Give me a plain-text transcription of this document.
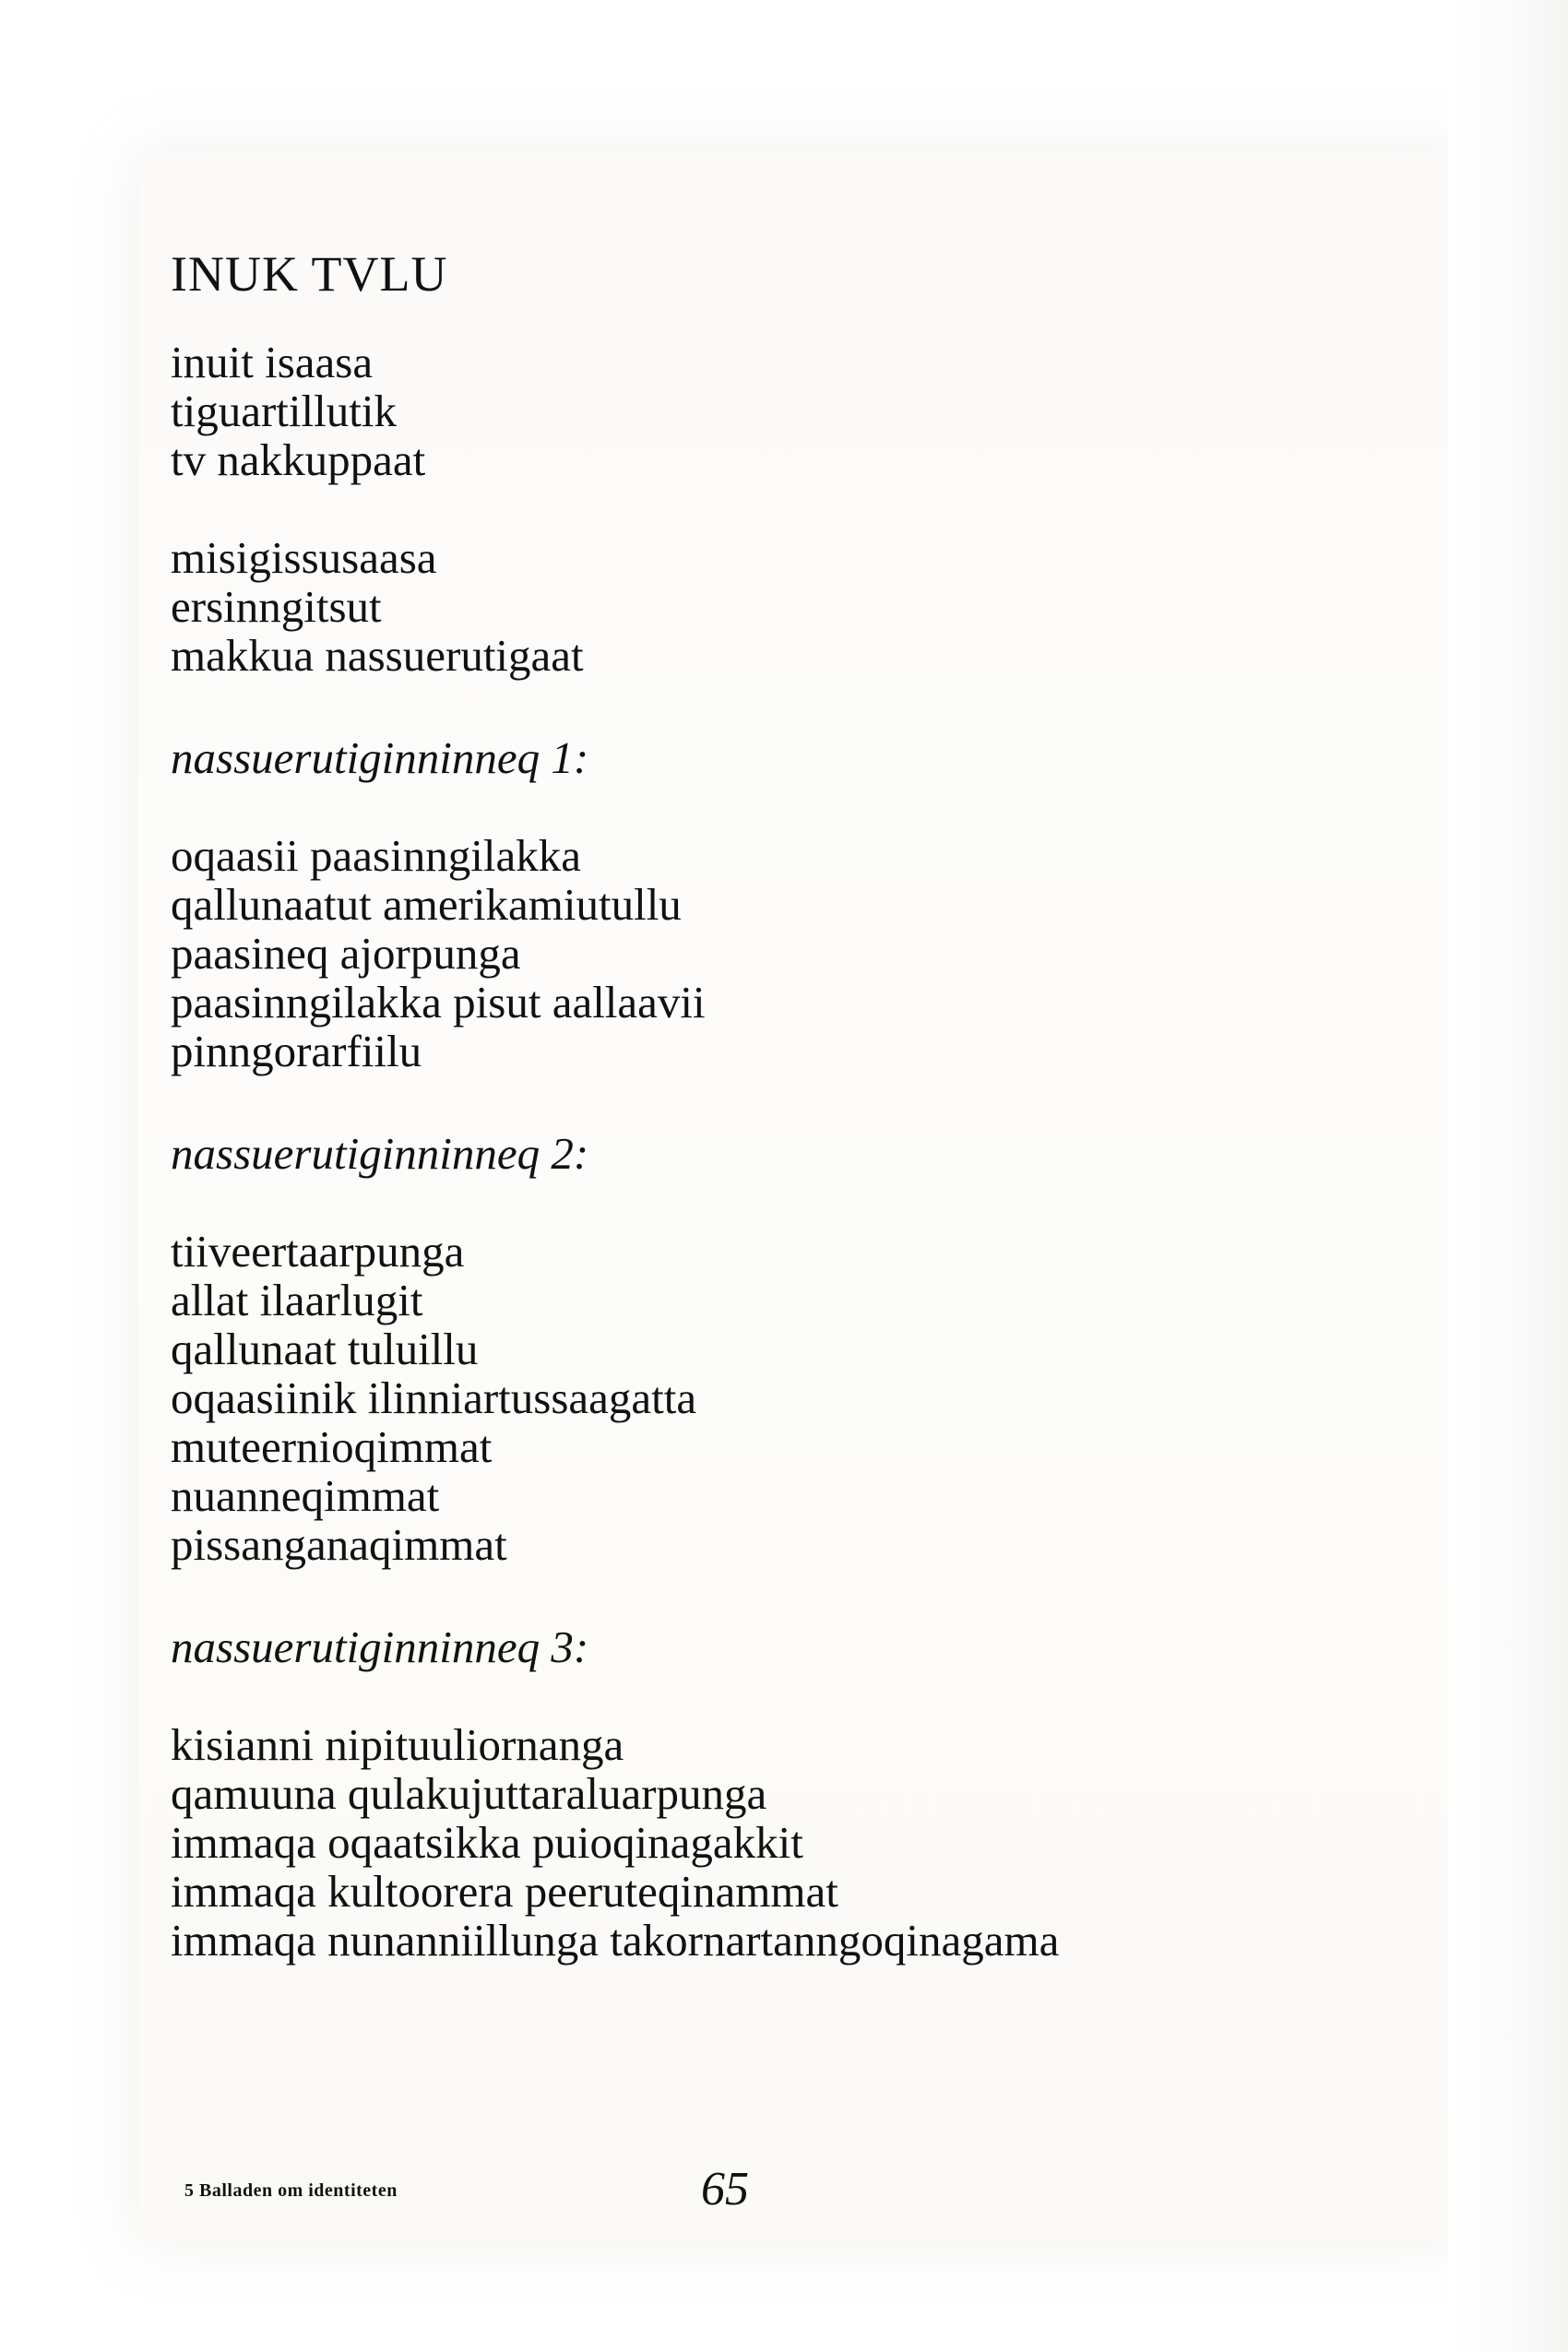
INUK TVLU
inuit isaasa
tiguartillutik
tv nakkuppaat
misigissusaasa
ersinngitsut
makkua nassuerutigaat
nassuerutiginninneq 1:
oqaasii paasinngilakka
qallunaatut amerikamiutullu
paasineq ajorpunga
paasinngilakka pisut aallaavii
pinngorarfiilu
nassuerutiginninneq 2:
tiiveertaarpunga
allat ilaarlugit
qallunaat tuluillu
oqaasiinik ilinniartussaagatta
muteernioqimmat
nuanneqimmat
pissanganaqimmat
nassuerutiginninneq 3:
kisianni nipituuliornanga
qamuuna qulakujuttaraluarpunga
immaqa oqaatsikka puioqinagakkit
immaqa kultoorera peeruteqinammat
immaqa nunanniillunga takornartanngoqinagama
5 Balladen om identiteten	65
